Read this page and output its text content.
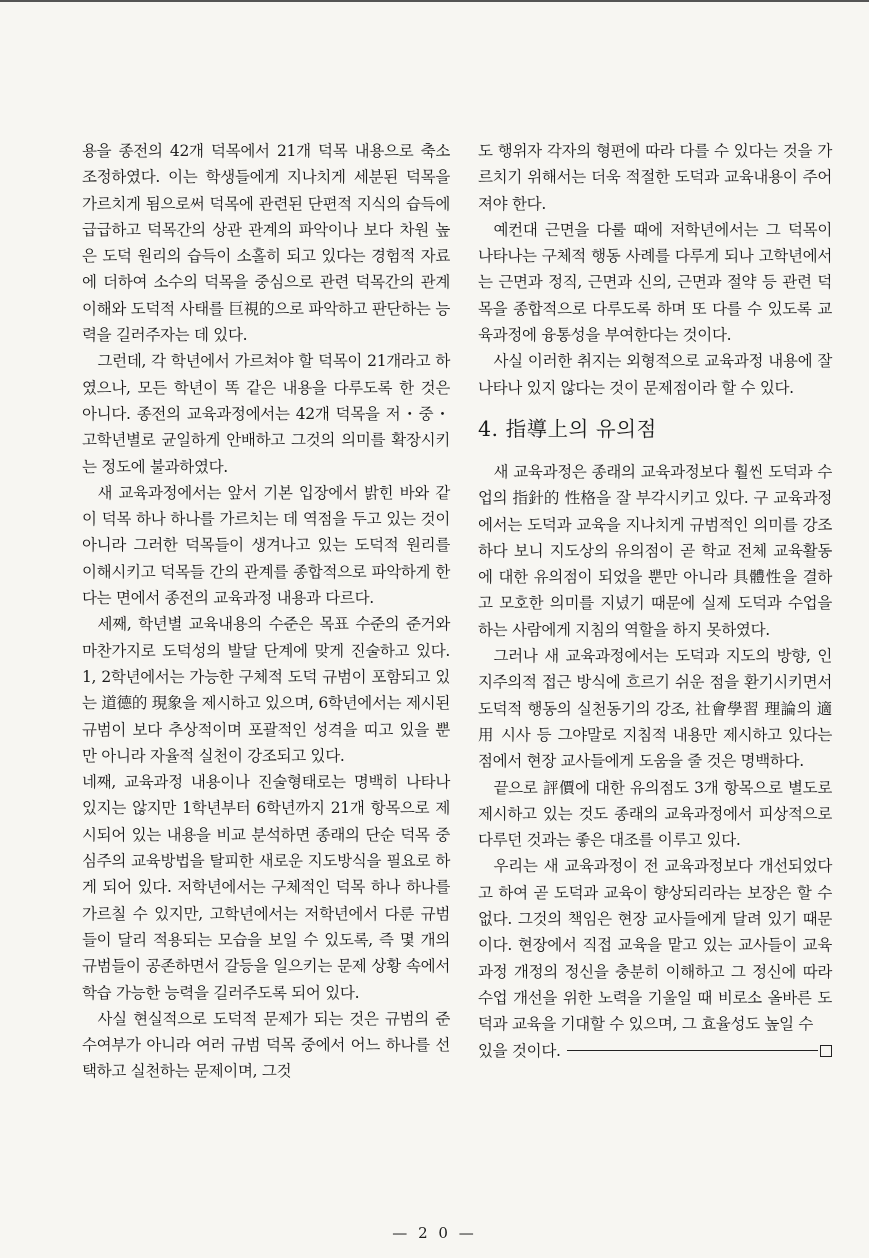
용을 종전의 42개 덕목에서 21개 덕목 내용으로 축소 조정하였다. 이는 학생들에게 지나치게 세분된 덕목을 가르치게 됨으로써 덕목에 관련된 단편적 지식의 습득에 급급하고 덕목간의 상관 관계의 파악이나 보다 차원 높은 도덕 원리의 습득이 소홀히 되고 있다는 경험적 자료에 더하여 소수의 덕목을 중심으로 관련 덕목간의 관계 이해와 도덕적 사태를 巨視的으로 파악하고 판단하는 능력을 길러주자는 데 있다.

그런데, 각 학년에서 가르쳐야 할 덕목이 21개라고 하였으나, 모든 학년이 똑 같은 내용을 다루도록 한 것은 아니다. 종전의 교육과정에서는 42개 덕목을 저・중・고학년별로 균일하게 안배하고 그것의 의미를 확장시키는 정도에 불과하였다.

새 교육과정에서는 앞서 기본 입장에서 밝힌 바와 같이 덕목 하나 하나를 가르치는 데 역점을 두고 있는 것이 아니라 그러한 덕목들이 생겨나고 있는 도덕적 원리를 이해시키고 덕목들 간의 관계를 종합적으로 파악하게 한다는 면에서 종전의 교육과정 내용과 다르다.

세째, 학년별 교육내용의 수준은 목표 수준의 준거와 마찬가지로 도덕성의 발달 단계에 맞게 진술하고 있다. 1, 2학년에서는 가능한 구체적 도덕 규범이 포함되고 있는 道德的 現象을 제시하고 있으며, 6학년에서는 제시된 규범이 보다 추상적이며 포괄적인 성격을 띠고 있을 뿐만 아니라 자율적 실천이 강조되고 있다.

네째, 교육과정 내용이나 진술형태로는 명백히 나타나 있지는 않지만 1학년부터 6학년까지 21개 항목으로 제시되어 있는 내용을 비교 분석하면 종래의 단순 덕목 중심주의 교육방법을 탈피한 새로운 지도방식을 필요로 하게 되어 있다. 저학년에서는 구체적인 덕목 하나 하나를 가르칠 수 있지만, 고학년에서는 저학년에서 다룬 규범들이 달리 적용되는 모습을 보일 수 있도록, 즉 몇 개의 규범들이 공존하면서 갈등을 일으키는 문제 상황 속에서 학습 가능한 능력을 길러주도록 되어 있다.

사실 현실적으로 도덕적 문제가 되는 것은 규범의 준수여부가 아니라 여러 규범 덕목 중에서 어느 하나를 선택하고 실천하는 문제이며, 그것

도 행위자 각자의 형편에 따라 다를 수 있다는 것을 가르치기 위해서는 더욱 적절한 도덕과 교육내용이 주어져야 한다.

예컨대 근면을 다룰 때에 저학년에서는 그 덕목이 나타나는 구체적 행동 사례를 다루게 되나 고학년에서는 근면과 정직, 근면과 신의, 근면과 절약 등 관련 덕목을 종합적으로 다루도록 하며 또 다를 수 있도록 교육과정에 융통성을 부여한다는 것이다.

사실 이러한 취지는 외형적으로 교육과정 내용에 잘 나타나 있지 않다는 것이 문제점이라 할 수 있다.

4. 指導上의 유의점

새 교육과정은 종래의 교육과정보다 훨씬 도덕과 수업의 指針的 性格을 잘 부각시키고 있다. 구 교육과정에서는 도덕과 교육을 지나치게 규범적인 의미를 강조하다 보니 지도상의 유의점이 곧 학교 전체 교육활동에 대한 유의점이 되었을 뿐만 아니라 具體性을 결하고 모호한 의미를 지녔기 때문에 실제 도덕과 수업을 하는 사람에게 지침의 역할을 하지 못하였다.

그러나 새 교육과정에서는 도덕과 지도의 방향, 인지주의적 접근 방식에 흐르기 쉬운 점을 환기시키면서 도덕적 행동의 실천동기의 강조, 社會學習 理論의 適用 시사 등 그야말로 지침적 내용만 제시하고 있다는 점에서 현장 교사들에게 도움을 줄 것은 명백하다.

끝으로 評價에 대한 유의점도 3개 항목으로 별도로 제시하고 있는 것도 종래의 교육과정에서 피상적으로 다루던 것과는 좋은 대조를 이루고 있다.

우리는 새 교육과정이 전 교육과정보다 개선되었다고 하여 곧 도덕과 교육이 향상되리라는 보장은 할 수 없다. 그것의 책임은 현장 교사들에게 달려 있기 때문이다. 현장에서 직접 교육을 맡고 있는 교사들이 교육과정 개정의 정신을 충분히 이해하고 그 정신에 따라 수업 개선을 위한 노력을 기울일 때 비로소 올바른 도덕과 교육을 기대할 수 있으며, 그 효율성도 높일 수

있을 것이다.
— 2 0 —
